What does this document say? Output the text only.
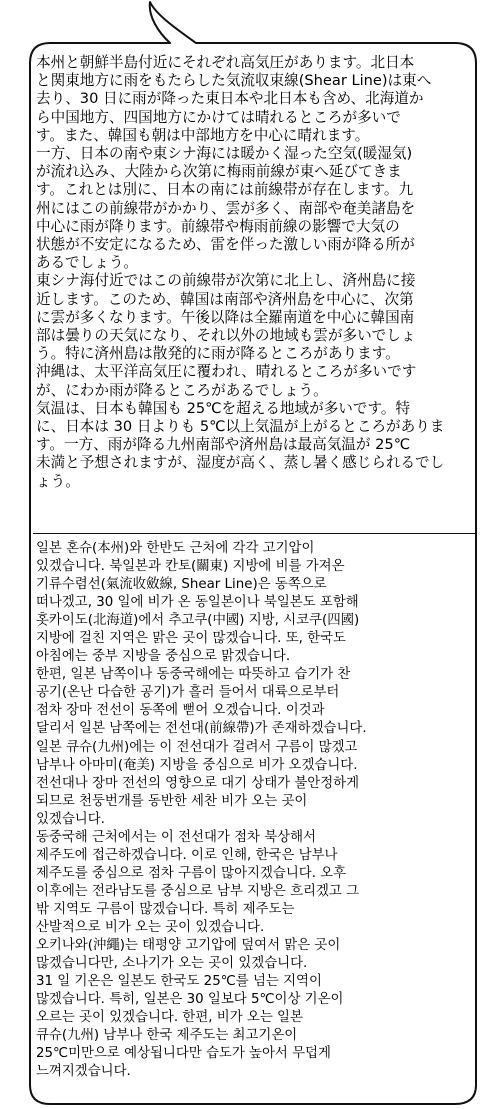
本州と朝鮮半島付近にそれぞれ高気圧があります。北日本
と関東地方に雨をもたらした気流収束線(Shear Line)は東へ
去り、30 日に雨が降った東日本や北日本も含め、北海道か
ら中国地方、四国地方にかけては晴れるところが多いで
す。また、韓国も朝は中部地方を中心に晴れます。
一方、日本の南や東シナ海には暖かく湿った空気(暖湿気)
が流れ込み、大陸から次第に梅雨前線が東へ延びてきま
す。これとは別に、日本の南には前線帯が存在します。九
州にはこの前線帯がかかり、雲が多く、南部や奄美諸島を
中心に雨が降ります。前線帯や梅雨前線の影響で大気の
状態が不安定になるため、雷を伴った激しい雨が降る所が
あるでしょう。
東シナ海付近ではこの前線帯が次第に北上し、済州島に接
近します。このため、韓国は南部や済州島を中心に、次第
に雲が多くなります。午後以降は全羅南道を中心に韓国南
部は曇りの天気になり、それ以外の地域も雲が多いでしょ
う。特に済州島は散発的に雨が降るところがあります。
沖縄は、太平洋高気圧に覆われ、晴れるところが多いです
が、にわか雨が降るところがあるでしょう。
気温は、日本も韓国も 25℃を超える地域が多いです。特
に、日本は 30 日よりも 5℃以上気温が上がるところがありま
す。一方、雨が降る九州南部や済州島は最高気温が 25℃
未満と予想されますが、湿度が高く、蒸し暑く感じられるでし
ょう。
일본 혼슈(本州)와 한반도 근처에 각각 고기압이
있겠습니다. 북일본과 칸토(關東) 지방에 비를 가져온
기류수렴선(氣流收斂線, Shear Line)은 동쪽으로
떠나겠고, 30 일에 비가 온 동일본이나 북일본도 포함해
홋카이도(北海道)에서 추고쿠(中國) 지방, 시코쿠(四國)
지방에 걸친 지역은 맑은 곳이 많겠습니다. 또, 한국도
아침에는 중부 지방을 중심으로 맑겠습니다.
한편, 일본 남쪽이나 동중국해에는 따뜻하고 습기가 찬
공기(온난 다습한 공기)가 흘러 들어서 대륙으로부터
점차 장마 전선이 동쪽에 뻗어 오겠습니다. 이것과
달리서 일본 남쪽에는 전선대(前線帶)가 존재하겠습니다.
일본 큐슈(九州)에는 이 전선대가 걸려서 구름이 많겠고
남부나 아마미(奄美) 지방을 중심으로 비가 오겠습니다.
전선대나 장마 전선의 영향으로 대기 상태가 불안정하게
되므로 천둥번개를 동반한 세찬 비가 오는 곳이
있겠습니다.
동중국해 근처에서는 이 전선대가 점차 북상해서
제주도에 접근하겠습니다. 이로 인해, 한국은 남부나
제주도를 중심으로 점차 구름이 많아지겠습니다. 오후
이후에는 전라남도를 중심으로 남부 지방은 흐리겠고 그
밖 지역도 구름이 많겠습니다. 특히 제주도는
산발적으로 비가 오는 곳이 있겠습니다.
오키나와(沖繩)는 태평양 고기압에 덮여서 맑은 곳이
많겠습니다만, 소나기가 오는 곳이 있겠습니다.
31 일 기온은 일본도 한국도 25℃를 넘는 지역이
많겠습니다. 특히, 일본은 30 일보다 5℃이상 기온이
오르는 곳이 있겠습니다. 한편, 비가 오는 일본
큐슈(九州) 남부나 한국 제주도는 최고기온이
25℃미만으로 예상됩니다만 습도가 높아서 무덥게
느껴지겠습니다.
